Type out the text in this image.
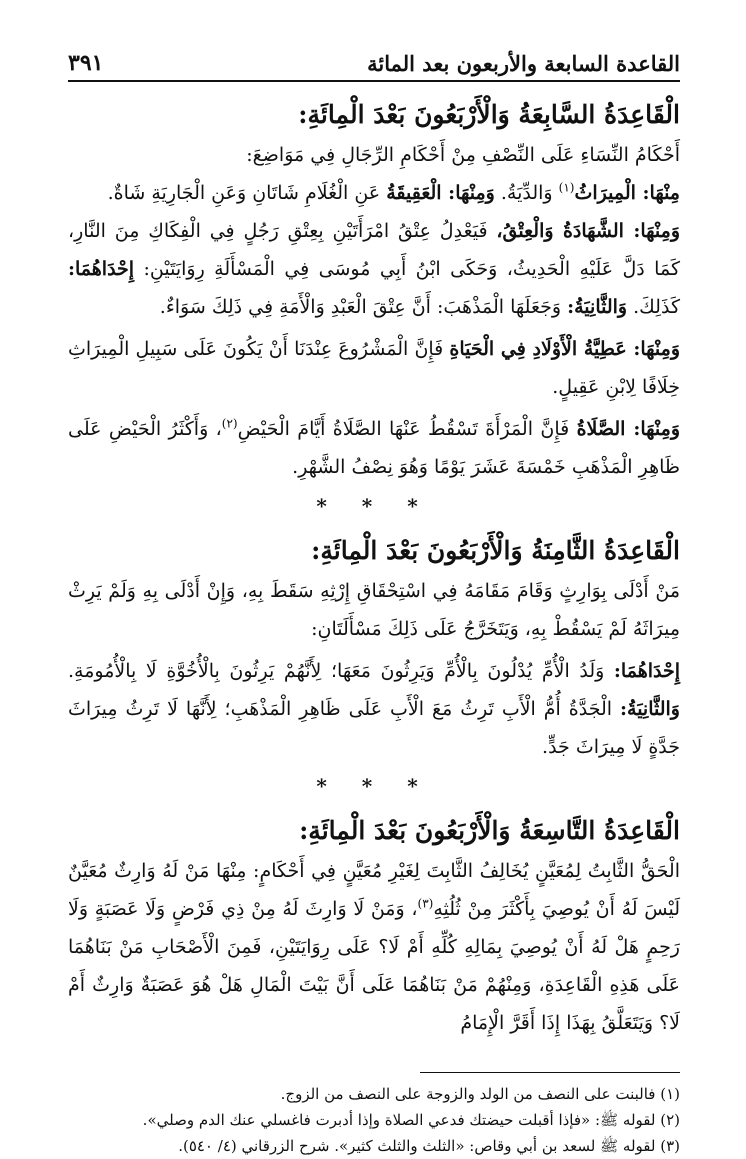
القاعدة السابعة والأربعون بعد المائة
٣٩١
الْقَاعِدَةُ السَّابِعَةُ وَالْأَرْبَعُونَ بَعْدَ الْمِائَةِ:

أَحْكَامُ النِّسَاءِ عَلَى النِّصْفِ مِنْ أَحْكَامِ الرِّجَالِ فِي مَوَاضِعَ:

مِنْهَا: الْمِيرَاثُ$^{(١)}$ وَالدِّيَةُ. وَمِنْهَا: الْعَقِيقَةُ عَنِ الْغُلَامِ شَاتَانِ وَعَنِ الْجَارِيَةِ شَاةٌ.

وَمِنْهَا: الشَّهَادَةُ وَالْعِتْقُ، فَيَعْدِلُ عِتْقُ امْرَأَتَيْنِ بِعِتْقِ رَجُلٍ فِي الْفِكَاكِ مِنَ النَّارِ، كَمَا دَلَّ عَلَيْهِ الْحَدِيثُ، وَحَكَى ابْنُ أَبِي مُوسَى فِي الْمَسْأَلَةِ رِوَايَتَيْنِ: إِحْدَاهُمَا: كَذَلِكَ. وَالثَّانِيَةُ: وَجَعَلَهَا الْمَذْهَبَ: أَنَّ عِتْقَ الْعَبْدِ وَالْأَمَةِ فِي ذَلِكَ سَوَاءٌ.

وَمِنْهَا: عَطِيَّةُ الْأَوْلَادِ فِي الْحَيَاةِ فَإِنَّ الْمَشْرُوعَ عِنْدَنَا أَنْ يَكُونَ عَلَى سَبِيلِ الْمِيرَاثِ خِلَافًا لِابْنِ عَقِيلٍ.

وَمِنْهَا: الصَّلَاةُ فَإِنَّ الْمَرْأَةَ تَسْقُطُ عَنْهَا الصَّلَاةُ أَيَّامَ الْحَيْضِ$^{(٢)}$، وَأَكْثَرُ الْحَيْضِ عَلَى ظَاهِرِ الْمَذْهَبِ خَمْسَةَ عَشَرَ يَوْمًا وَهُوَ نِصْفُ الشَّهْرِ.

* * *
الْقَاعِدَةُ الثَّامِنَةُ وَالْأَرْبَعُونَ بَعْدَ الْمِائَةِ:

مَنْ أَدْلَى بِوَارِثٍ وَقَامَ مَقَامَهُ فِي اسْتِحْقَاقِ إِرْثِهِ سَقَطَ بِهِ، وَإِنْ أَدْلَى بِهِ وَلَمْ يَرِثْ مِيرَاثَهُ لَمْ يَسْقُطْ بِهِ، وَيَتَخَرَّجُ عَلَى ذَلِكَ مَسْأَلَتَانِ:

إِحْدَاهُمَا: وَلَدُ الْأُمِّ يُدْلُونَ بِالْأُمِّ وَيَرِثُونَ مَعَهَا؛ لِأَنَّهُمْ يَرِثُونَ بِالْأُخُوَّةِ لَا بِالْأُمُومَةِ. وَالثَّانِيَةُ: الْجَدَّةُ أُمُّ الْأَبِ تَرِثُ مَعَ الْأَبِ عَلَى ظَاهِرِ الْمَذْهَبِ؛ لِأَنَّهَا لَا تَرِثُ مِيرَاثَ جَدَّةٍ لَا مِيرَاثَ جَدٍّ.

* * *
الْقَاعِدَةُ التَّاسِعَةُ وَالْأَرْبَعُونَ بَعْدَ الْمِائَةِ:

الْحَقُّ الثَّابِتُ لِمُعَيَّنٍ يُخَالِفُ الثَّابِتَ لِغَيْرِ مُعَيَّنٍ فِي أَحْكَامٍ: مِنْهَا مَنْ لَهُ وَارِثٌ مُعَيَّنٌ لَيْسَ لَهُ أَنْ يُوصِيَ بِأَكْثَرَ مِنْ ثُلُثِهِ$^{(٣)}$، وَمَنْ لَا وَارِثَ لَهُ مِنْ ذِي فَرْضٍ وَلَا عَصَبَةٍ وَلَا رَحِمٍ هَلْ لَهُ أَنْ يُوصِيَ بِمَالِهِ كُلِّهِ أَمْ لَا؟ عَلَى رِوَايَتَيْنِ، فَمِنَ الْأَصْحَابِ مَنْ بَنَاهُمَا عَلَى هَذِهِ الْقَاعِدَةِ، وَمِنْهُمْ مَنْ بَنَاهُمَا عَلَى أَنَّ بَيْتَ الْمَالِ هَلْ هُوَ عَصَبَةٌ وَارِثٌ أَمْ لَا؟ وَيَتَعَلَّقُ بِهَذَا إِذَا أَقَرَّ الْإِمَامُ

(١) فالبنت على النصف من الولد والزوجة على النصف من الزوج.

(٢) لقوله ﷺ: «فإذا أقبلت حيضتك فدعي الصلاة وإذا أدبرت فاغسلي عنك الدم وصلي».

(٣) لقوله ﷺ لسعد بن أبي وقاص: «الثلث والثلث كثير». شرح الزرقاني (٤/ ٥٤٠).
